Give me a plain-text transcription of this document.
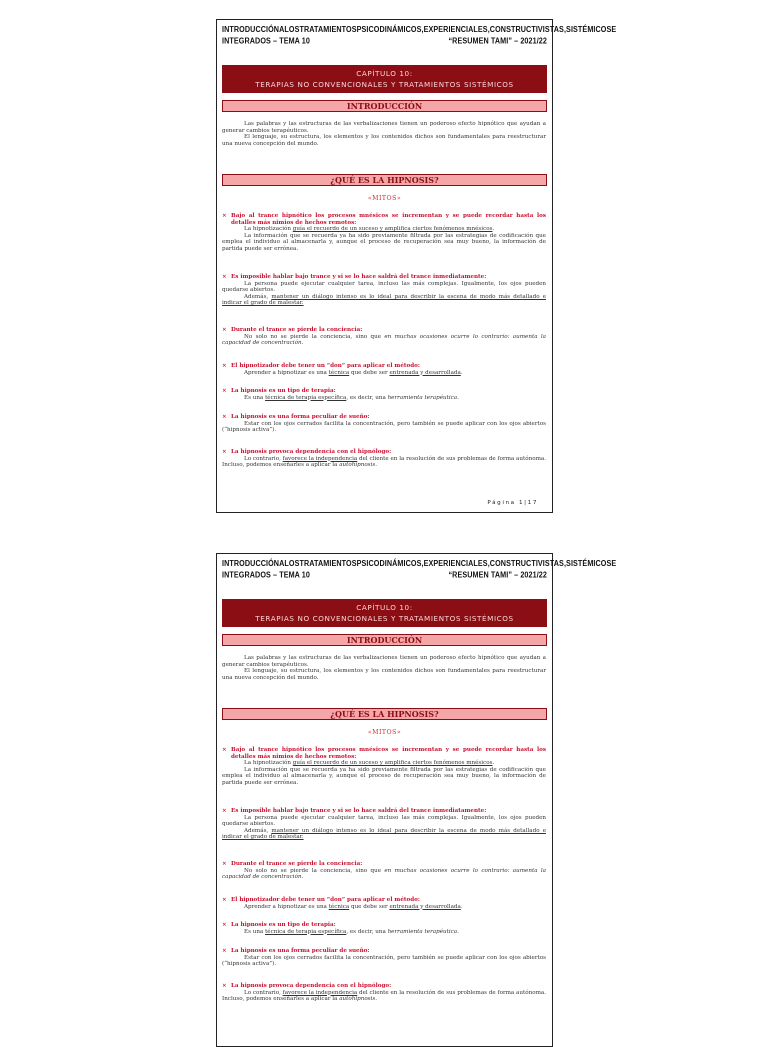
INTRODUCCIÓN A LOS TRATAMIENTOS PSICODINÁMICOS, EXPERIENCIALES, CONSTRUCTIVISTAS, SISTÉMICOS E
INTEGRADOS – TEMA 10	“RESUMEN TAMI” – 2021/22
CAPÍTULO 10:
TERAPIAS NO CONVENCIONALES Y TRATAMIENTOS SISTÉMICOS
INTRODUCCIÓN

Las palabras y las estructuras de las verbalizaciones tienen un poderoso efecto hipnótico que ayudan a generar cambios terapéuticos.

El lenguaje, su estructura, los elementos y los contenidos dichos son fundamentales para reestructurar una nueva concepción del mundo.

¿QUÉ ES LA HIPNOSIS?
«MITOS»
× Bajo al trance hipnótico los procesos mnésicos se incrementan y se puede recordar hasta los detalles más nimios de hechos remotos:

La hipnotización guía el recuerdo de un suceso y amplifica ciertos fenómenos mnésicos.

La información que se recuerda ya ha sido previamente filtrada por las estrategias de codificación que emplea el individuo al almacenarla y, aunque el proceso de recuperación sea muy bueno, la información de partida puede ser errónea.

× Es imposible hablar bajo trance y si se lo hace saldrá del trance inmediatamente:

La persona puede ejecutar cualquier tarea, incluso las más complejas. Igualmente, los ojos pueden quedarse abiertos.

Además, mantener un diálogo intenso es lo ideal para describir la escena de modo más detallado e indicar el grado de malestar.

× Durante el trance se pierde la conciencia:

No solo no se pierde la conciencia, sino que en muchas ocasiones ocurre lo contrario: aumenta la capacidad de concentración.

× El hipnotizador debe tener un “don” para aplicar el método:

Aprender a hipnotizar es una técnica que debe ser entrenada y desarrollada.

× La hipnosis es un tipo de terapia:

Es una técnica de terapia específica, es decir, una herramienta terapéutica.

× La hipnosis es una forma peculiar de sueño:

Estar con los ojos cerrados facilita la concentración, pero también se puede aplicar con los ojos abiertos (“hipnosis activa”).

× La hipnosis provoca dependencia con el hipnólogo:

Lo contrario, favorece la independencia del cliente en la resolución de sus problemas de forma autónoma. Incluso, podemos enseñarles a aplicar la autohipnosis.

Página 1|17
INTRODUCCIÓN A LOS TRATAMIENTOS PSICODINÁMICOS, EXPERIENCIALES, CONSTRUCTIVISTAS, SISTÉMICOS E
INTEGRADOS – TEMA 10	“RESUMEN TAMI” – 2021/22
CAPÍTULO 10:
TERAPIAS NO CONVENCIONALES Y TRATAMIENTOS SISTÉMICOS
INTRODUCCIÓN

Las palabras y las estructuras de las verbalizaciones tienen un poderoso efecto hipnótico que ayudan a generar cambios terapéuticos.

El lenguaje, su estructura, los elementos y los contenidos dichos son fundamentales para reestructurar una nueva concepción del mundo.

¿QUÉ ES LA HIPNOSIS?
«MITOS»
× Bajo al trance hipnótico los procesos mnésicos se incrementan y se puede recordar hasta los detalles más nimios de hechos remotos:

La hipnotización guía el recuerdo de un suceso y amplifica ciertos fenómenos mnésicos.

La información que se recuerda ya ha sido previamente filtrada por las estrategias de codificación que emplea el individuo al almacenarla y, aunque el proceso de recuperación sea muy bueno, la información de partida puede ser errónea.

× Es imposible hablar bajo trance y si se lo hace saldrá del trance inmediatamente:

La persona puede ejecutar cualquier tarea, incluso las más complejas. Igualmente, los ojos pueden quedarse abiertos.

Además, mantener un diálogo intenso es lo ideal para describir la escena de modo más detallado e indicar el grado de malestar.

× Durante el trance se pierde la conciencia:

No solo no se pierde la conciencia, sino que en muchas ocasiones ocurre lo contrario: aumenta la capacidad de concentración.

× El hipnotizador debe tener un “don” para aplicar el método:

Aprender a hipnotizar es una técnica que debe ser entrenada y desarrollada.

× La hipnosis es un tipo de terapia:

Es una técnica de terapia específica, es decir, una herramienta terapéutica.

× La hipnosis es una forma peculiar de sueño:

Estar con los ojos cerrados facilita la concentración, pero también se puede aplicar con los ojos abiertos (“hipnosis activa”).

× La hipnosis provoca dependencia con el hipnólogo:

Lo contrario, favorece la independencia del cliente en la resolución de sus problemas de forma autónoma. Incluso, podemos enseñarles a aplicar la autohipnosis.
